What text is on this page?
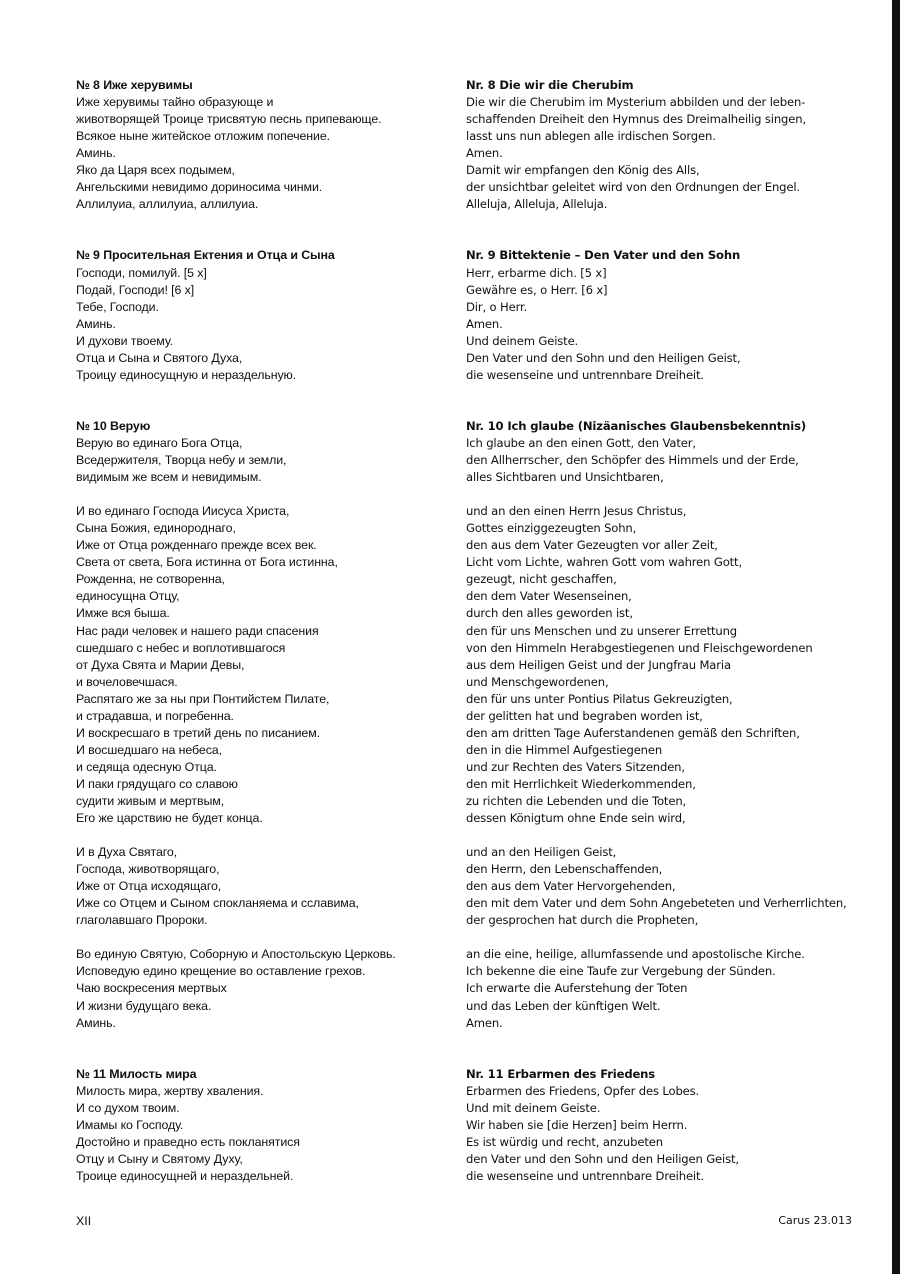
№ 8 Иже херувимы
Иже херувимы тайно образующе и
животворящей Троице трисвятую песнь припевающе.
Всякое ныне житейское отложим попечение.
Аминь.
Яко да Царя всех подымем,
Ангельскими невидимо дориносима чинми.
Аллилуиа, аллилуиа, аллилуиа.
№ 9 Просительная Ектения и Отца и Сына
Господи, помилуй. [5 x]
Подай, Господи! [6 x]
Тебе, Господи.
Аминь.
И духови твоему.
Отца и Сына и Святого Духа,
Троицу единосущную и нераздельную.
№ 10 Верую
Верую во единаго Бога Отца,
Вседержителя, Творца небу и земли,
видимым же всем и невидимым.
И во единаго Господа Иисуса Христа,
Сына Божия, единороднаго,
Иже от Отца рожденнаго прежде всех век.
Света от света, Бога истинна от Бога истинна,
Рожденна, не сотворенна,
единосущна Отцу,
Имже вся быша.
Нас ради человек и нашего ради спасения
сшедшаго с небес и воплотившагося
от Духа Свята и Марии Девы,
и вочеловечшася.
Распятаго же за ны при Понтийстем Пилате,
и страдавша, и погребенна.
И воскресшаго в третий день по писанием.
И восшедшаго на небеса,
и седяща одесную Отца.
И паки грядущаго со славою
судити живым и мертвым,
Его же царствию не будет конца.
И в Духа Святаго,
Господа, животворящаго,
Иже от Отца исходящаго,
Иже со Отцем и Сыном спокланяема и сславима,
глаголавшаго Пророки.
Во единую Святую, Соборную и Апостольскую Церковь.
Исповедую едино крещение во оставление грехов.
Чаю воскресения мертвых
И жизни будущаго века.
Аминь.
№ 11 Милость мира
Милость мира, жертву хваления.
И со духом твоим.
Имамы ко Господу.
Достойно и праведно есть покланятися
Отцу и Сыну и Святому Духу,
Троице единосущней и нераздельней.
Nr. 8 Die wir die Cherubim
Die wir die Cherubim im Mysterium abbilden und der leben-
schaffenden Dreiheit den Hymnus des Dreimalheilig singen,
lasst uns nun ablegen alle irdischen Sorgen.
Amen.
Damit wir empfangen den König des Alls,
der unsichtbar geleitet wird von den Ordnungen der Engel.
Alleluja, Alleluja, Alleluja.
Nr. 9 Bittektenie – Den Vater und den Sohn
Herr, erbarme dich. [5 x]
Gewähre es, o Herr. [6 x]
Dir, o Herr.
Amen.
Und deinem Geiste.
Den Vater und den Sohn und den Heiligen Geist,
die wesenseine und untrennbare Dreiheit.
Nr. 10 Ich glaube (Nizäanisches Glaubensbekenntnis)
Ich glaube an den einen Gott, den Vater,
den Allherrscher, den Schöpfer des Himmels und der Erde,
alles Sichtbaren und Unsichtbaren,
und an den einen Herrn Jesus Christus,
Gottes einziggezeugten Sohn,
den aus dem Vater Gezeugten vor aller Zeit,
Licht vom Lichte, wahren Gott vom wahren Gott,
gezeugt, nicht geschaffen,
den dem Vater Wesenseinen,
durch den alles geworden ist,
den für uns Menschen und zu unserer Errettung
von den Himmeln Herabgestiegenen und Fleischgewordenen
aus dem Heiligen Geist und der Jungfrau Maria
und Menschgewordenen,
den für uns unter Pontius Pilatus Gekreuzigten,
der gelitten hat und begraben worden ist,
den am dritten Tage Auferstandenen gemäß den Schriften,
den in die Himmel Aufgestiegenen
und zur Rechten des Vaters Sitzenden,
den mit Herrlichkeit Wiederkommenden,
zu richten die Lebenden und die Toten,
dessen Königtum ohne Ende sein wird,
und an den Heiligen Geist,
den Herrn, den Lebenschaffenden,
den aus dem Vater Hervorgehenden,
den mit dem Vater und dem Sohn Angebeteten und Verherrlichten,
der gesprochen hat durch die Propheten,
an die eine, heilige, allumfassende und apostolische Kirche.
Ich bekenne die eine Taufe zur Vergebung der Sünden.
Ich erwarte die Auferstehung der Toten
und das Leben der künftigen Welt.
Amen.
Nr. 11 Erbarmen des Friedens
Erbarmen des Friedens, Opfer des Lobes.
Und mit deinem Geiste.
Wir haben sie [die Herzen] beim Herrn.
Es ist würdig und recht, anzubeten
den Vater und den Sohn und den Heiligen Geist,
die wesenseine und untrennbare Dreiheit.
XII	Carus 23.013
